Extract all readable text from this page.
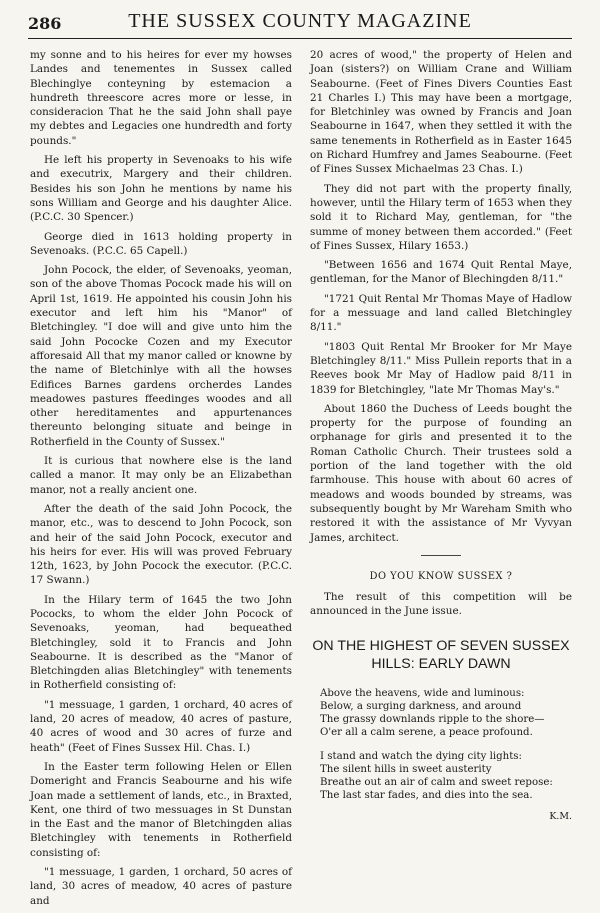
286	THE SUSSEX COUNTY MAGAZINE

my sonne and to his heires for ever my howses Landes and tenementes in Sussex called Blechinglye conteyning by estemacion a hundreth threescore acres more or lesse, in consideracion That he the said John shall paye my debtes and Legacies one hundredth and forty pounds."

He left his property in Sevenoaks to his wife and executrix, Margery and their children. Besides his son John he mentions by name his sons William and George and his daughter Alice. (P.C.C. 30 Spencer.)

George died in 1613 holding property in Sevenoaks. (P.C.C. 65 Capell.)

John Pocock, the elder, of Sevenoaks, yeoman, son of the above Thomas Pocock made his will on April 1st, 1619. He appointed his cousin John his executor and left him his "Manor" of Bletchingley. "I doe will and give unto him the said John Pococke Cozen and my Executor afforesaid All that my manor called or knowne by the name of Bletchinlye with all the howses Edifices Barnes gardens orcherdes Landes meadowes pastures ffeedinges woodes and all other hereditamentes and appurtenances thereunto belonging situate and beinge in Rotherfield in the County of Sussex."

It is curious that nowhere else is the land called a manor. It may only be an Elizabethan manor, not a really ancient one.

After the death of the said John Pocock, the manor, etc., was to descend to John Pocock, son and heir of the said John Pocock, executor and his heirs for ever. His will was proved February 12th, 1623, by John Pocock the executor. (P.C.C. 17 Swann.)

In the Hilary term of 1645 the two John Pococks, to whom the elder John Pocock of Sevenoaks, yeoman, had bequeathed Bletchingley, sold it to Francis and John Seabourne. It is described as the "Manor of Bletchingden alias Bletchingley" with tenements in Rotherfield consisting of:

"1 messuage, 1 garden, 1 orchard, 40 acres of land, 20 acres of meadow, 40 acres of pasture, 40 acres of wood and 30 acres of furze and heath" (Feet of Fines Sussex Hil. Chas. I.)

In the Easter term following Helen or Ellen Domeright and Francis Seabourne and his wife Joan made a settlement of lands, etc., in Braxted, Kent, one third of two messuages in St Dunstan in the East and the manor of Bletchingden alias Bletchingley with tenements in Rotherfield consisting of:

"1 messuage, 1 garden, 1 orchard, 50 acres of land, 30 acres of meadow, 40 acres of pasture and

20 acres of wood," the property of Helen and Joan (sisters?) on William Crane and William Seabourne. (Feet of Fines Divers Counties East 21 Charles I.) This may have been a mortgage, for Bletchinley was owned by Francis and Joan Seabourne in 1647, when they settled it with the same tenements in Rotherfield as in Easter 1645 on Richard Humfrey and James Seabourne. (Feet of Fines Sussex Michaelmas 23 Chas. I.)

They did not part with the property finally, however, until the Hilary term of 1653 when they sold it to Richard May, gentleman, for "the summe of money between them accorded." (Feet of Fines Sussex, Hilary 1653.)

"Between 1656 and 1674 Quit Rental Maye, gentleman, for the Manor of Blechingden 8/11."

"1721 Quit Rental Mr Thomas Maye of Hadlow for a messuage and land called Bletchingley 8/11."

"1803 Quit Rental Mr Brooker for Mr Maye Bletchingley 8/11." Miss Pullein reports that in a Reeves book Mr May of Hadlow paid 8/11 in 1839 for Bletchingley, "late Mr Thomas May's."

About 1860 the Duchess of Leeds bought the property for the purpose of founding an orphanage for girls and presented it to the Roman Catholic Church. Their trustees sold a portion of the land together with the old farmhouse. This house with about 60 acres of meadows and woods bounded by streams, was subsequently bought by Mr Wareham Smith who restored it with the assistance of Mr Vyvyan James, architect.

DO YOU KNOW SUSSEX ?

The result of this competition will be announced in the June issue.

ON THE HIGHEST OF SEVEN SUSSEX HILLS: EARLY DAWN
Above the heavens, wide and luminous:
Below, a surging darkness, and around
The grassy downlands ripple to the shore—
O'er all a calm serene, a peace profound.
I stand and watch the dying city lights:
The silent hills in sweet austerity
Breathe out an air of calm and sweet repose:
The last star fades, and dies into the sea.
K.M.
